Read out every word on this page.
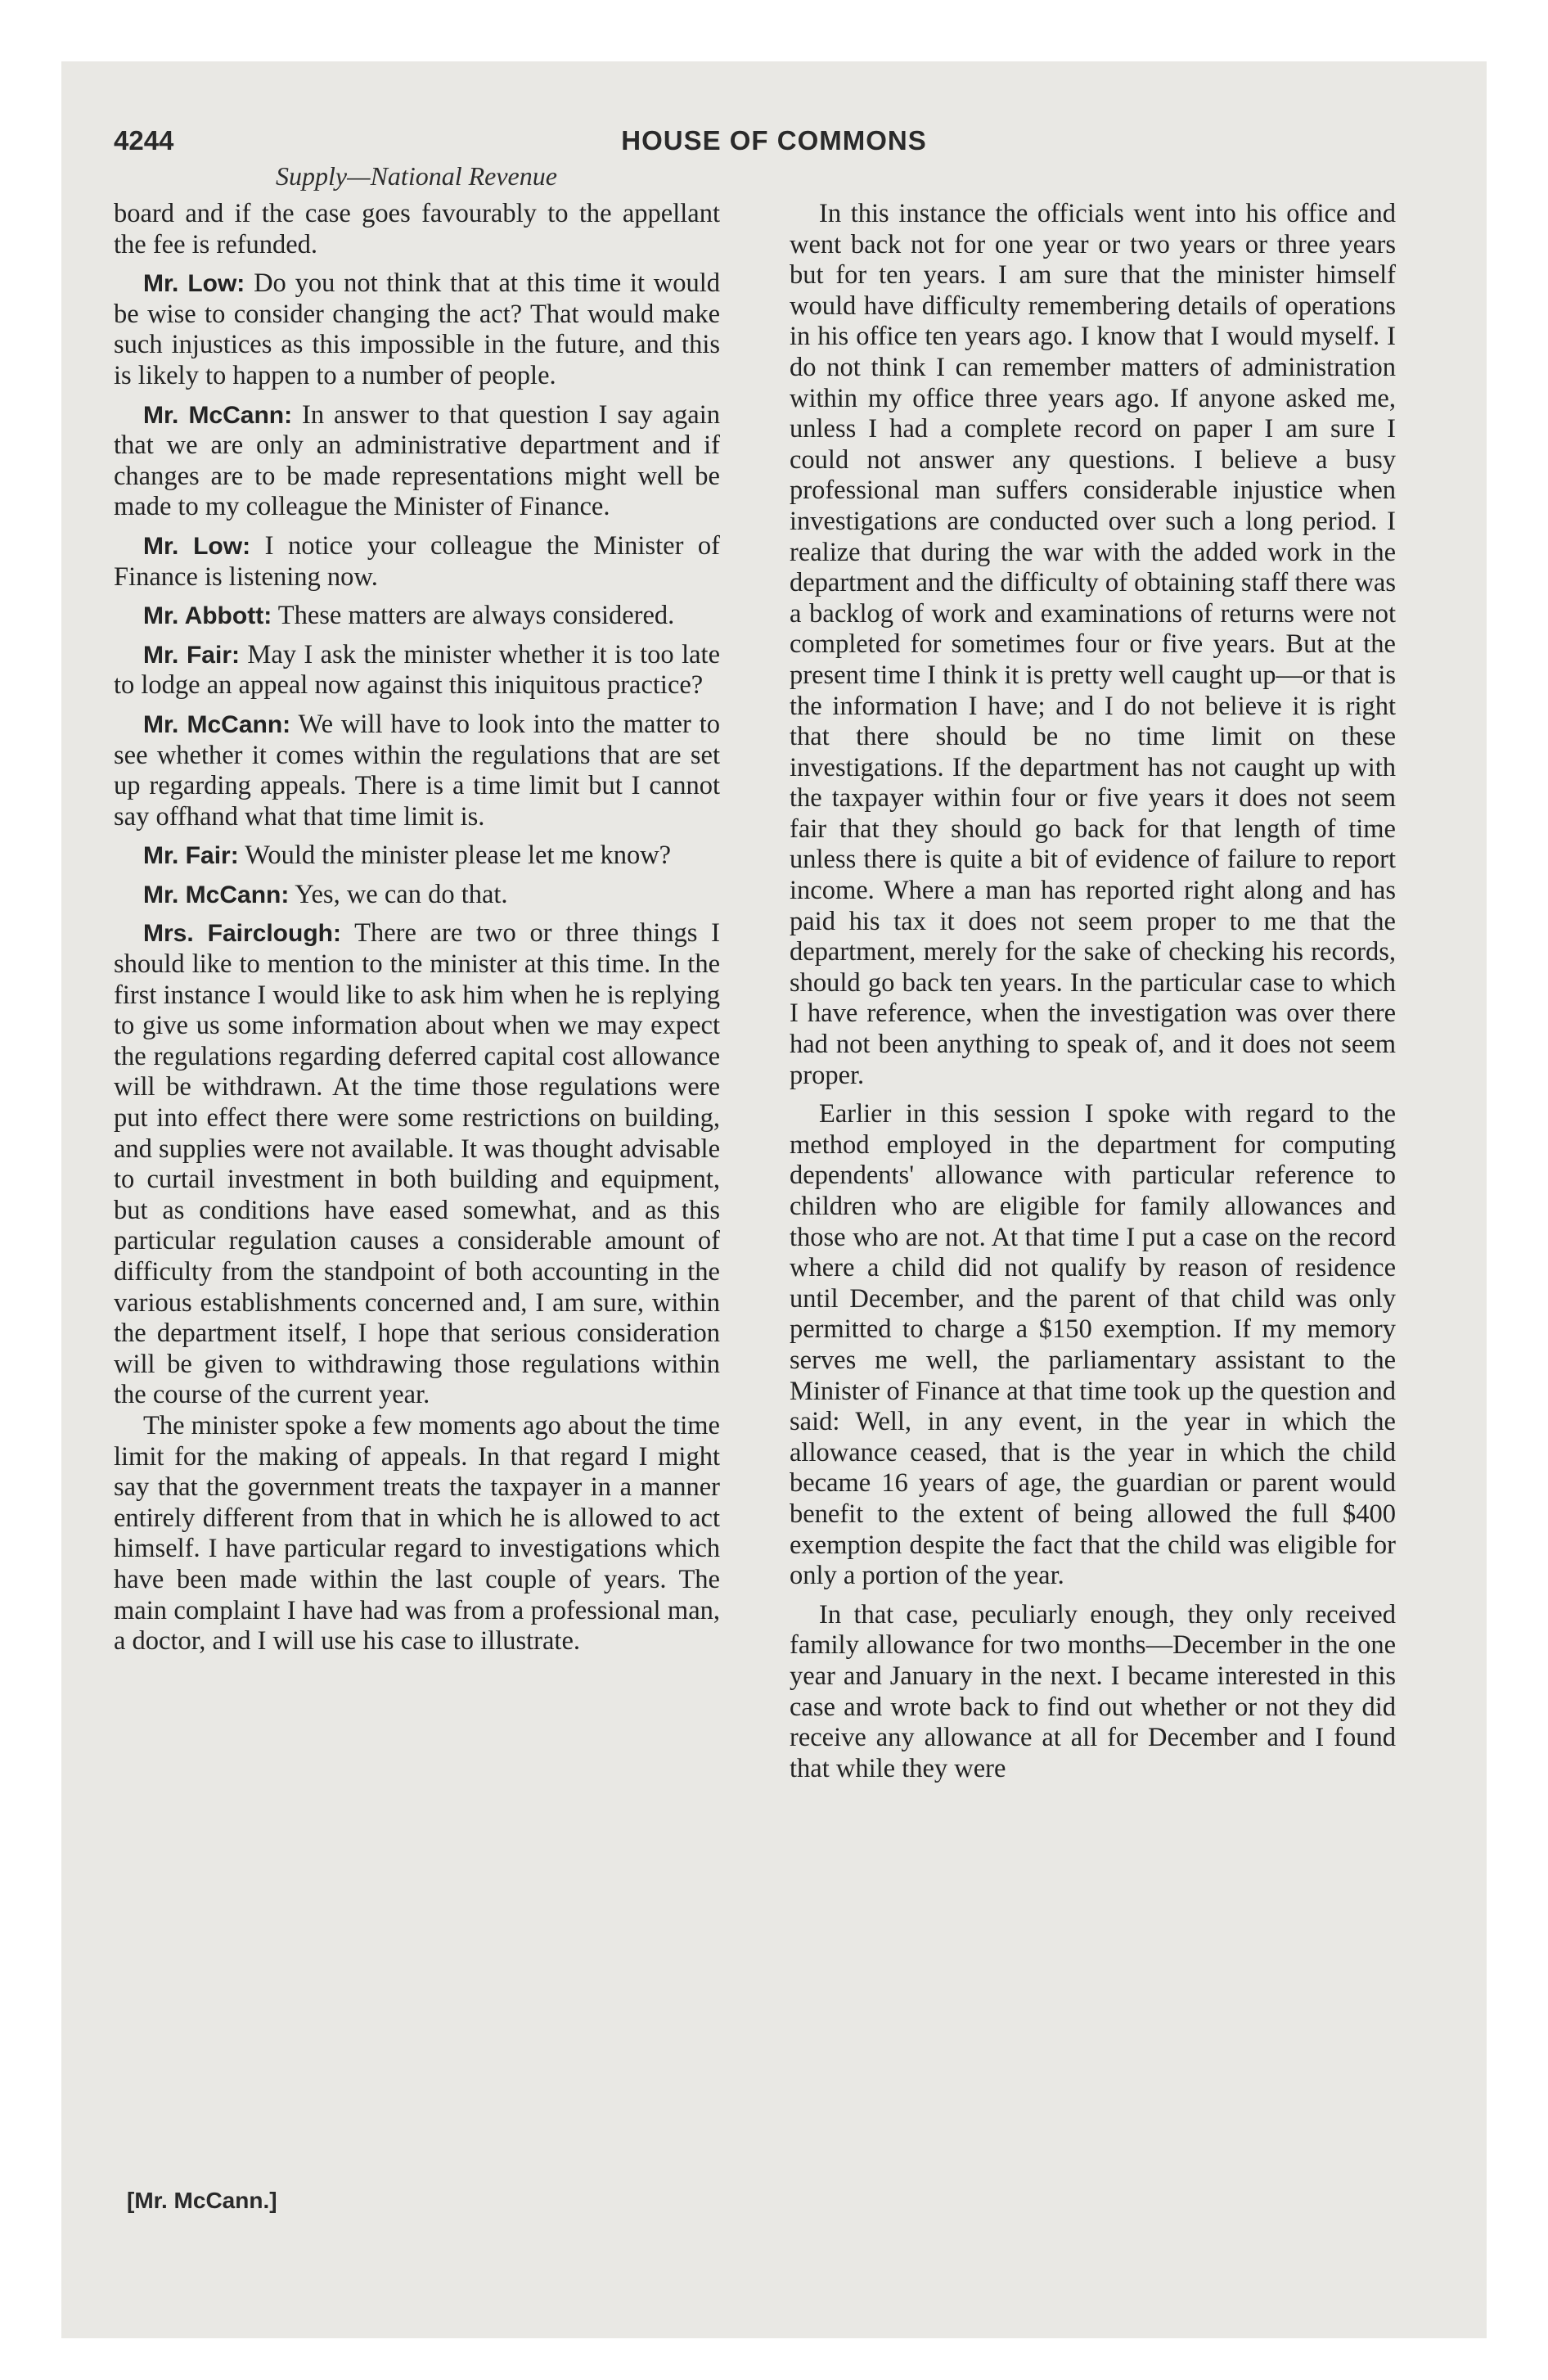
4244	HOUSE OF COMMONS
Supply—National Revenue

board and if the case goes favourably to the appellant the fee is refunded.

Mr. Low: Do you not think that at this time it would be wise to consider changing the act? That would make such injustices as this impossible in the future, and this is likely to happen to a number of people.

Mr. McCann: In answer to that question I say again that we are only an administrative department and if changes are to be made representations might well be made to my colleague the Minister of Finance.

Mr. Low: I notice your colleague the Minister of Finance is listening now.

Mr. Abbott: These matters are always considered.

Mr. Fair: May I ask the minister whether it is too late to lodge an appeal now against this iniquitous practice?

Mr. McCann: We will have to look into the matter to see whether it comes within the regulations that are set up regarding appeals. There is a time limit but I cannot say offhand what that time limit is.

Mr. Fair: Would the minister please let me know?

Mr. McCann: Yes, we can do that.

Mrs. Fairclough: There are two or three things I should like to mention to the minister at this time. In the first instance I would like to ask him when he is replying to give us some information about when we may expect the regulations regarding deferred capital cost allowance will be withdrawn. At the time those regulations were put into effect there were some restrictions on building, and supplies were not available. It was thought advisable to curtail investment in both building and equipment, but as conditions have eased somewhat, and as this particular regulation causes a considerable amount of difficulty from the standpoint of both accounting in the various establishments concerned and, I am sure, within the department itself, I hope that serious consideration will be given to withdrawing those regulations within the course of the current year.

The minister spoke a few moments ago about the time limit for the making of appeals. In that regard I might say that the government treats the taxpayer in a manner entirely different from that in which he is allowed to act himself. I have particular regard to investigations which have been made within the last couple of years. The main complaint I have had was from a professional man, a doctor, and I will use his case to illustrate.

In this instance the officials went into his office and went back not for one year or two years or three years but for ten years. I am sure that the minister himself would have difficulty remembering details of operations in his office ten years ago. I know that I would myself. I do not think I can remember matters of administration within my office three years ago. If anyone asked me, unless I had a complete record on paper I am sure I could not answer any questions. I believe a busy professional man suffers considerable injustice when investigations are conducted over such a long period. I realize that during the war with the added work in the department and the difficulty of obtaining staff there was a backlog of work and examinations of returns were not completed for sometimes four or five years. But at the present time I think it is pretty well caught up—or that is the information I have; and I do not believe it is right that there should be no time limit on these investigations. If the department has not caught up with the taxpayer within four or five years it does not seem fair that they should go back for that length of time unless there is quite a bit of evidence of failure to report income. Where a man has reported right along and has paid his tax it does not seem proper to me that the department, merely for the sake of checking his records, should go back ten years. In the particular case to which I have reference, when the investigation was over there had not been anything to speak of, and it does not seem proper.

Earlier in this session I spoke with regard to the method employed in the department for computing dependents' allowance with particular reference to children who are eligible for family allowances and those who are not. At that time I put a case on the record where a child did not qualify by reason of residence until December, and the parent of that child was only permitted to charge a $150 exemption. If my memory serves me well, the parliamentary assistant to the Minister of Finance at that time took up the question and said: Well, in any event, in the year in which the allowance ceased, that is the year in which the child became 16 years of age, the guardian or parent would benefit to the extent of being allowed the full $400 exemption despite the fact that the child was eligible for only a portion of the year.

In that case, peculiarly enough, they only received family allowance for two months—December in the one year and January in the next. I became interested in this case and wrote back to find out whether or not they did receive any allowance at all for December and I found that while they were

[Mr. McCann.]
